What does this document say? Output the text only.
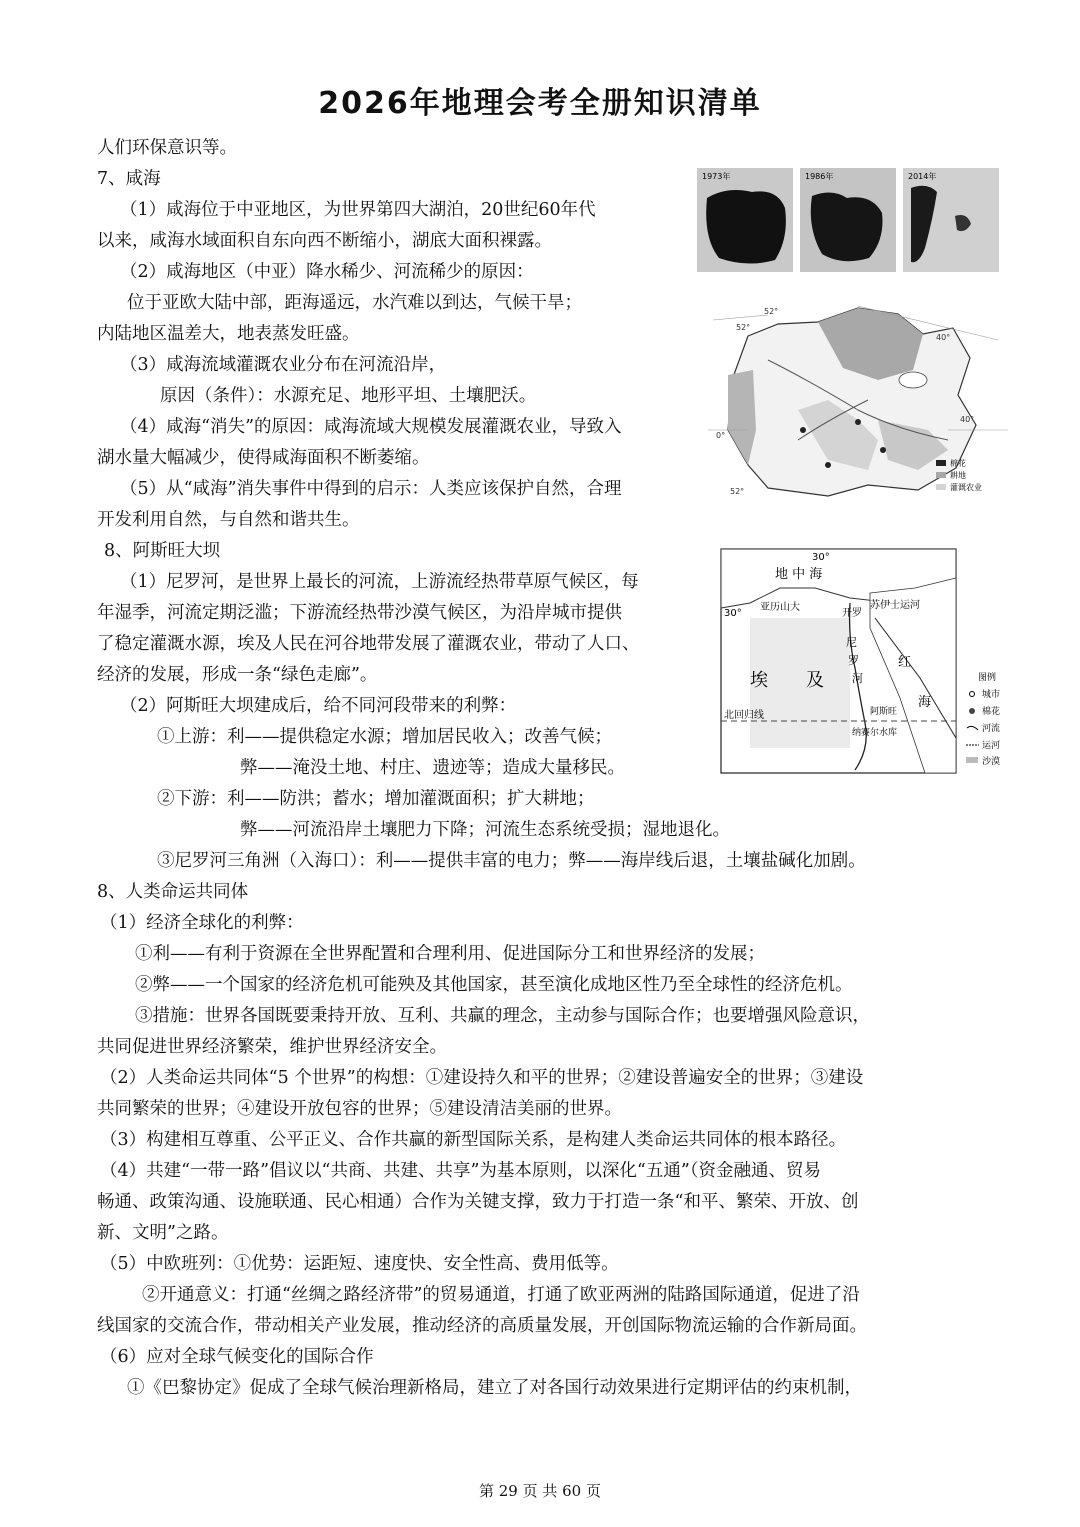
2026年地理会考全册知识清单
人们环保意识等。
7、咸海
（1）咸海位于中亚地区，为世界第四大湖泊，20世纪60年代
以来，咸海水域面积自东向西不断缩小，湖底大面积裸露。
（2）咸海地区（中亚）降水稀少、河流稀少的原因：
位于亚欧大陆中部，距海遥远，水汽难以到达，气候干旱；
内陆地区温差大，地表蒸发旺盛。
（3）咸海流域灌溉农业分布在河流沿岸，
原因（条件）：水源充足、地形平坦、土壤肥沃。
（4）咸海“消失”的原因：咸海流域大规模发展灌溉农业，导致入
湖水量大幅减少，使得咸海面积不断萎缩。
（5）从“咸海”消失事件中得到的启示：人类应该保护自然，合理
开发利用自然，与自然和谐共生。
8、阿斯旺大坝
（1）尼罗河，是世界上最长的河流，上游流经热带草原气候区，每
年湿季，河流定期泛滥；下游流经热带沙漠气候区，为沿岸城市提供
了稳定灌溉水源，埃及人民在河谷地带发展了灌溉农业，带动了人口、
经济的发展，形成一条“绿色走廊”。
（2）阿斯旺大坝建成后，给不同河段带来的利弊：
①上游：利——提供稳定水源；增加居民收入；改善气候；
弊——淹没土地、村庄、遗迹等；造成大量移民。
②下游：利——防洪；蓄水；增加灌溉面积；扩大耕地；
弊——河流沿岸土壤肥力下降；河流生态系统受损；湿地退化。
③尼罗河三角洲（入海口）：利——提供丰富的电力；弊——海岸线后退，土壤盐碱化加剧。
8、人类命运共同体
（1）经济全球化的利弊：
①利——有利于资源在全世界配置和合理利用、促进国际分工和世界经济的发展；
②弊——一个国家的经济危机可能殃及其他国家，甚至演化成地区性乃至全球性的经济危机。
③措施：世界各国既要秉持开放、互利、共赢的理念，主动参与国际合作；也要增强风险意识，
共同促进世界经济繁荣，维护世界经济安全。
（2）人类命运共同体“5 个世界”的构想：①建设持久和平的世界；②建设普遍安全的世界；③建设
共同繁荣的世界；④建设开放包容的世界；⑤建设清洁美丽的世界。
（3）构建相互尊重、公平正义、合作共赢的新型国际关系，是构建人类命运共同体的根本路径。
（4）共建“一带一路”倡议以“共商、共建、共享”为基本原则，以深化“五通”（资金融通、贸易
畅通、政策沟通、设施联通、民心相通）合作为关键支撑，致力于打造一条“和平、繁荣、开放、创
新、文明”之路。
（5）中欧班列：①优势：运距短、速度快、安全性高、费用低等。
②开通意义：打通“丝绸之路经济带”的贸易通道，打通了欧亚两洲的陆路国际通道，促进了沿
线国家的交流合作，带动相关产业发展，推动经济的高质量发展，开创国际物流运输的合作新局面。
（6）应对全球气候变化的国际合作
①《巴黎协定》促成了全球气候治理新格局，建立了对各国行动效果进行定期评估的约束机制，
1973年	1986年	2014年
52°
52°
52°
40°
40°
0°
棉花
耕地
灌溉农业
30°
30°
地 中 海
亚历山大
开罗
苏伊士运河
尼
罗
河
红
海
埃 及
北回归线	阿斯旺
纳赛尔水库
图例
城市
棉花
河流
运河
沙漠
第 29 页 共 60 页
